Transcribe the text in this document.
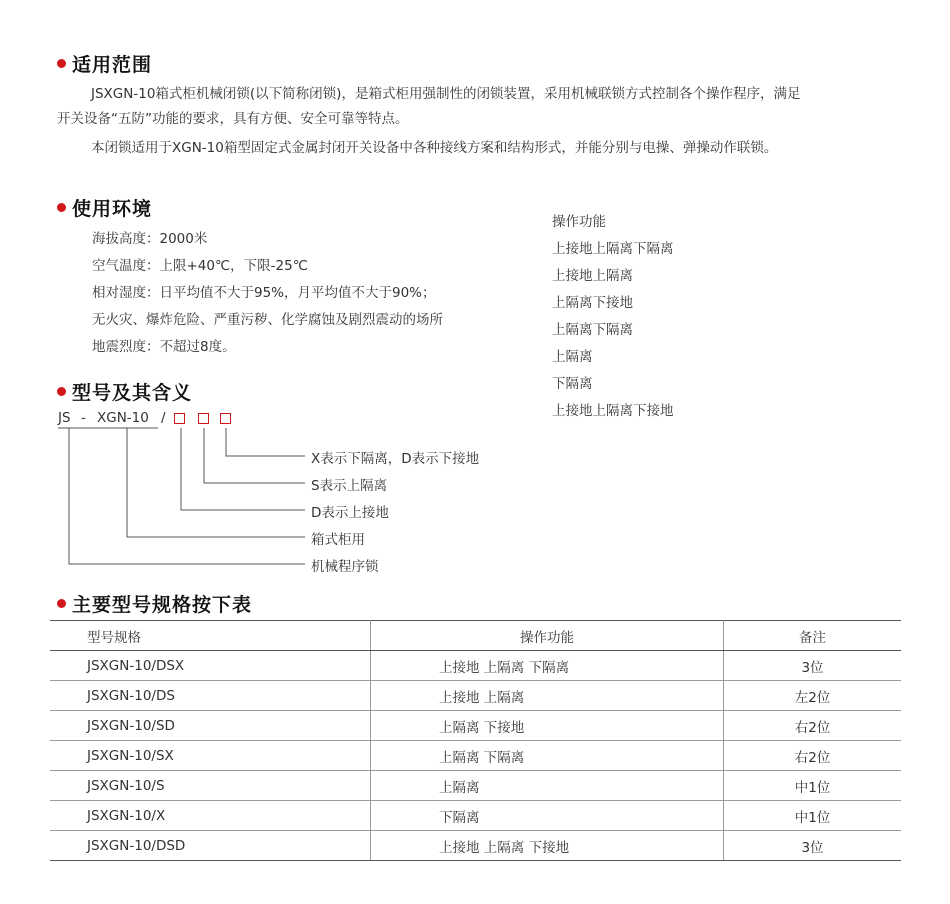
适用范围
JSXGN-10箱式柜机械闭锁(以下简称闭锁)，是箱式柜用强制性的闭锁装置，采用机械联锁方式控制各个操作程序，满足
开关设备“五防”功能的要求，具有方便、安全可靠等特点。
本闭锁适用于XGN-10箱型固定式金属封闭开关设备中各种接线方案和结构形式，并能分别与电操、弹操动作联锁。
使用环境
海拔高度：2000米
空气温度：上限+40℃，下限-25℃
相对湿度：日平均值不大于95%，月平均值不大于90%；
无火灾、爆炸危险、严重污秽、化学腐蚀及剧烈震动的场所
地震烈度：不超过8度。
操作功能
上接地上隔离下隔离
上接地上隔离
上隔离下接地
上隔离下隔离
上隔离
下隔离
上接地上隔离下接地
型号及其含义
JS - XGN-10 /
X表示下隔离，D表示下接地
S表示上隔离
D表示上接地
箱式柜用
机械程序锁
主要型号规格按下表
型号规格	操作功能	备注
JSXGN-10/DSX	上接地 上隔离 下隔离	3位
JSXGN-10/DS	上接地 上隔离	左2位
JSXGN-10/SD	上隔离 下接地	右2位
JSXGN-10/SX	上隔离 下隔离	右2位
JSXGN-10/S	上隔离	中1位
JSXGN-10/X	下隔离	中1位
JSXGN-10/DSD	上接地 上隔离 下接地	3位
